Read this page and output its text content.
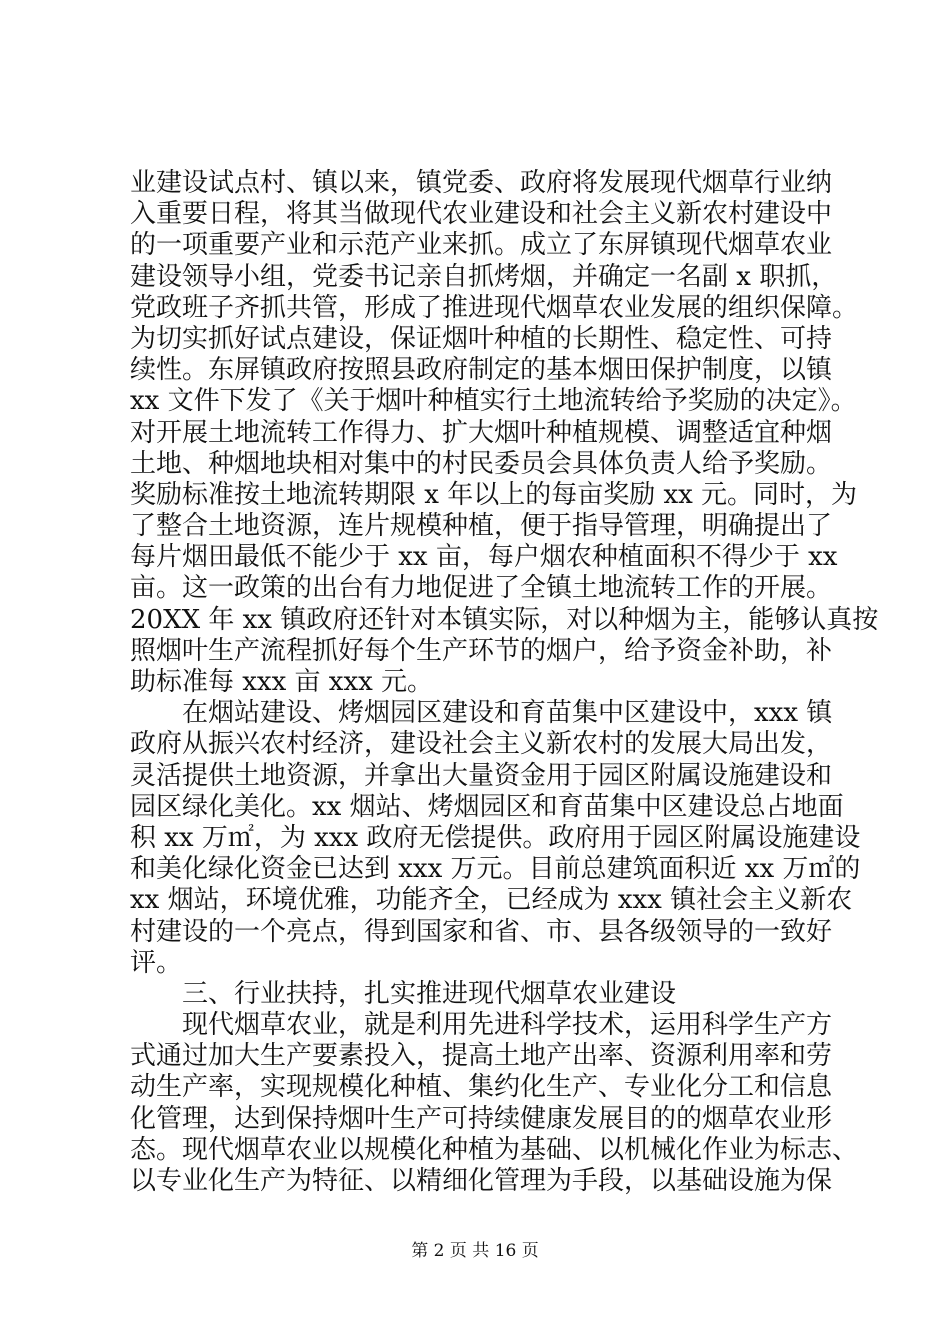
业建设试点村、镇以来，镇党委、政府将发展现代烟草行业纳
入重要日程，将其当做现代农业建设和社会主义新农村建设中
的一项重要产业和示范产业来抓。成立了东屏镇现代烟草农业
建设领导小组，党委书记亲自抓烤烟，并确定一名副 x 职抓，
党政班子齐抓共管，形成了推进现代烟草农业发展的组织保障。
为切实抓好试点建设，保证烟叶种植的长期性、稳定性、可持
续性。东屏镇政府按照县政府制定的基本烟田保护制度，以镇
xx 文件下发了《关于烟叶种植实行土地流转给予奖励的决定》。
对开展土地流转工作得力、扩大烟叶种植规模、调整适宜种烟
土地、种烟地块相对集中的村民委员会具体负责人给予奖励。
奖励标准按土地流转期限 x 年以上的每亩奖励 xx 元。同时，为
了整合土地资源，连片规模种植，便于指导管理，明确提出了
每片烟田最低不能少于 xx 亩，每户烟农种植面积不得少于 xx
亩。这一政策的出台有力地促进了全镇土地流转工作的开展。
20XX 年 xx 镇政府还针对本镇实际，对以种烟为主，能够认真按
照烟叶生产流程抓好每个生产环节的烟户，给予资金补助，补
助标准每 xxx 亩 xxx 元。
在烟站建设、烤烟园区建设和育苗集中区建设中，xxx 镇
政府从振兴农村经济，建设社会主义新农村的发展大局出发，
灵活提供土地资源，并拿出大量资金用于园区附属设施建设和
园区绿化美化。xx 烟站、烤烟园区和育苗集中区建设总占地面
积 xx 万㎡，为 xxx 政府无偿提供。政府用于园区附属设施建设
和美化绿化资金已达到 xxx 万元。目前总建筑面积近 xx 万㎡的
xx 烟站，环境优雅，功能齐全，已经成为 xxx 镇社会主义新农
村建设的一个亮点，得到国家和省、市、县各级领导的一致好
评。
三、行业扶持，扎实推进现代烟草农业建设
现代烟草农业，就是利用先进科学技术，运用科学生产方
式通过加大生产要素投入，提高土地产出率、资源利用率和劳
动生产率，实现规模化种植、集约化生产、专业化分工和信息
化管理，达到保持烟叶生产可持续健康发展目的的烟草农业形
态。现代烟草农业以规模化种植为基础、以机械化作业为标志、
以专业化生产为特征、以精细化管理为手段，以基础设施为保
第 2 页 共 16 页
